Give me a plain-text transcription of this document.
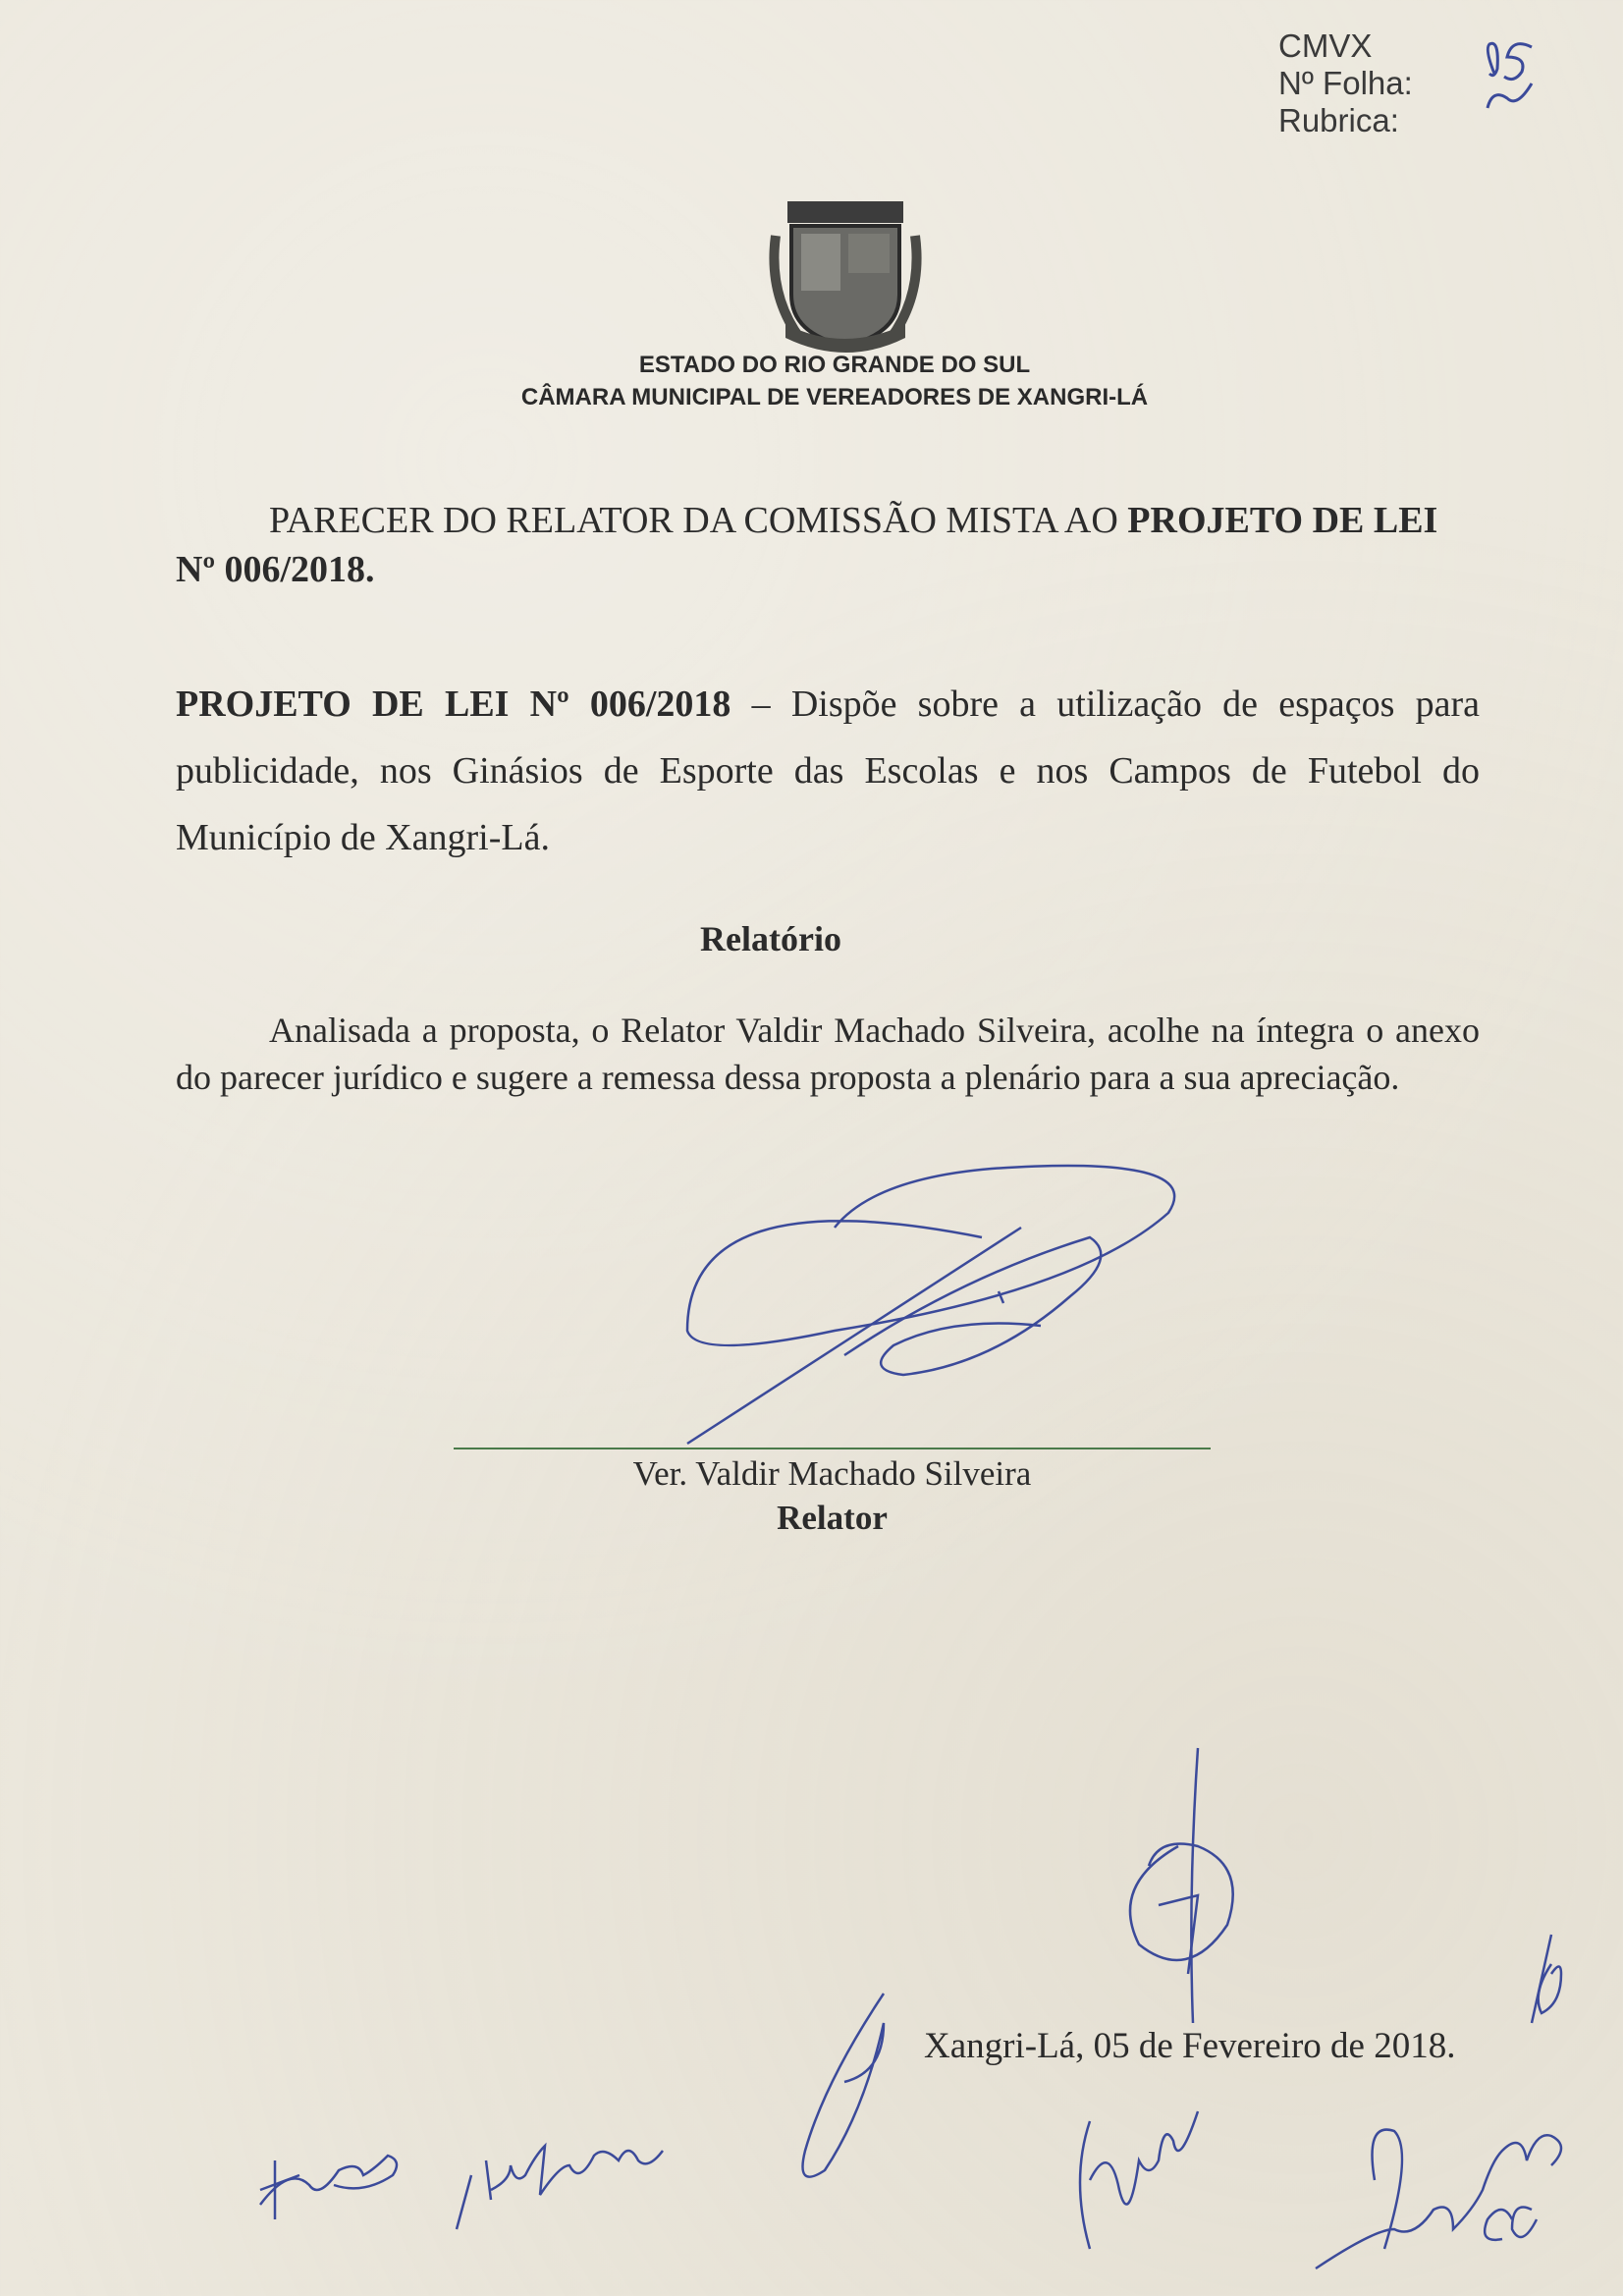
CMVX
Nº Folha:
Rubrica:
ESTADO DO RIO GRANDE DO SUL
CÂMARA MUNICIPAL DE VEREADORES DE XANGRI-LÁ
PARECER DO RELATOR DA COMISSÃO MISTA AO PROJETO DE LEI Nº 006/2018.
PROJETO DE LEI Nº 006/2018 – Dispõe sobre a utilização de espaços para publicidade, nos Ginásios de Esporte das Escolas e nos Campos de Futebol do Município de Xangri-Lá.
Relatório
Analisada a proposta, o Relator Valdir Machado Silveira, acolhe na íntegra o anexo do parecer jurídico e sugere a remessa dessa proposta a plenário para a sua apreciação.
Ver. Valdir Machado Silveira
Relator
Xangri-Lá, 05 de Fevereiro de 2018.
